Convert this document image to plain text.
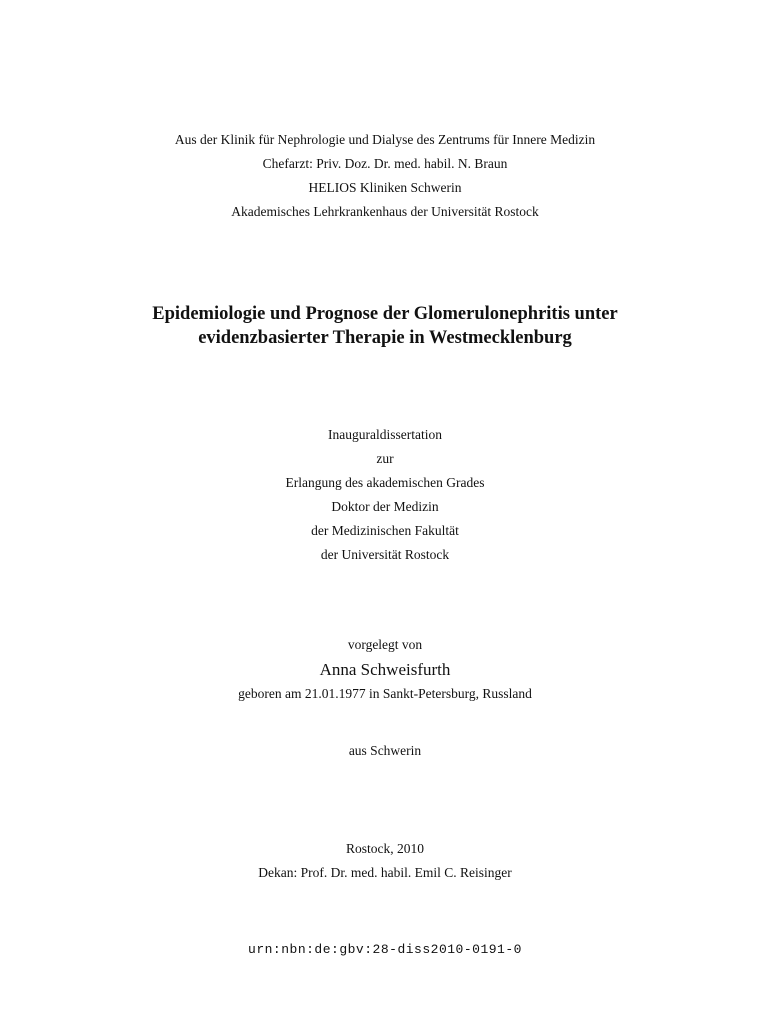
Aus der Klinik für Nephrologie und Dialyse des Zentrums für Innere Medizin
Chefarzt: Priv. Doz. Dr. med. habil. N. Braun
HELIOS Kliniken Schwerin
Akademisches Lehrkrankenhaus der Universität Rostock
Epidemiologie und Prognose der Glomerulonephritis unter
evidenzbasierter Therapie in Westmecklenburg
Inauguraldissertation
zur
Erlangung des akademischen Grades
Doktor der Medizin
der Medizinischen Fakultät
der Universität Rostock
vorgelegt von
Anna Schweisfurth
geboren am 21.01.1977 in Sankt-Petersburg, Russland
aus Schwerin
Rostock, 2010
Dekan: Prof. Dr. med. habil. Emil C. Reisinger
urn:nbn:de:gbv:28-diss2010-0191-0
